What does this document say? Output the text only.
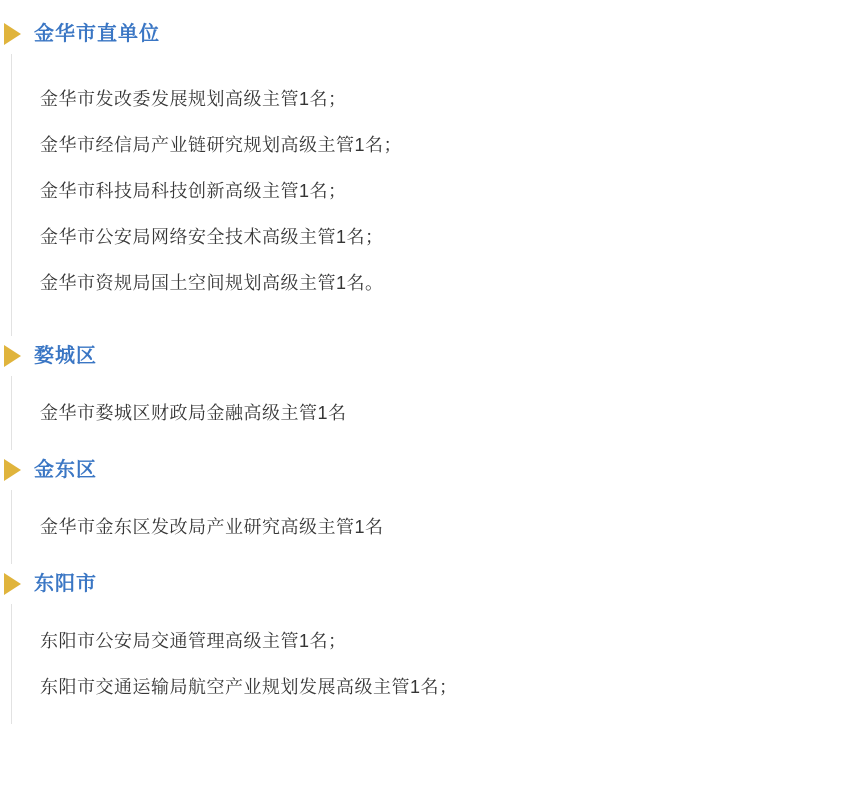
金华市直单位
金华市发改委发展规划高级主管1名；
金华市经信局产业链研究规划高级主管1名；
金华市科技局科技创新高级主管1名；
金华市公安局网络安全技术高级主管1名；
金华市资规局国土空间规划高级主管1名。
婺城区
金华市婺城区财政局金融高级主管1名
金东区
金华市金东区发改局产业研究高级主管1名
东阳市
东阳市公安局交通管理高级主管1名；
东阳市交通运输局航空产业规划发展高级主管1名；
